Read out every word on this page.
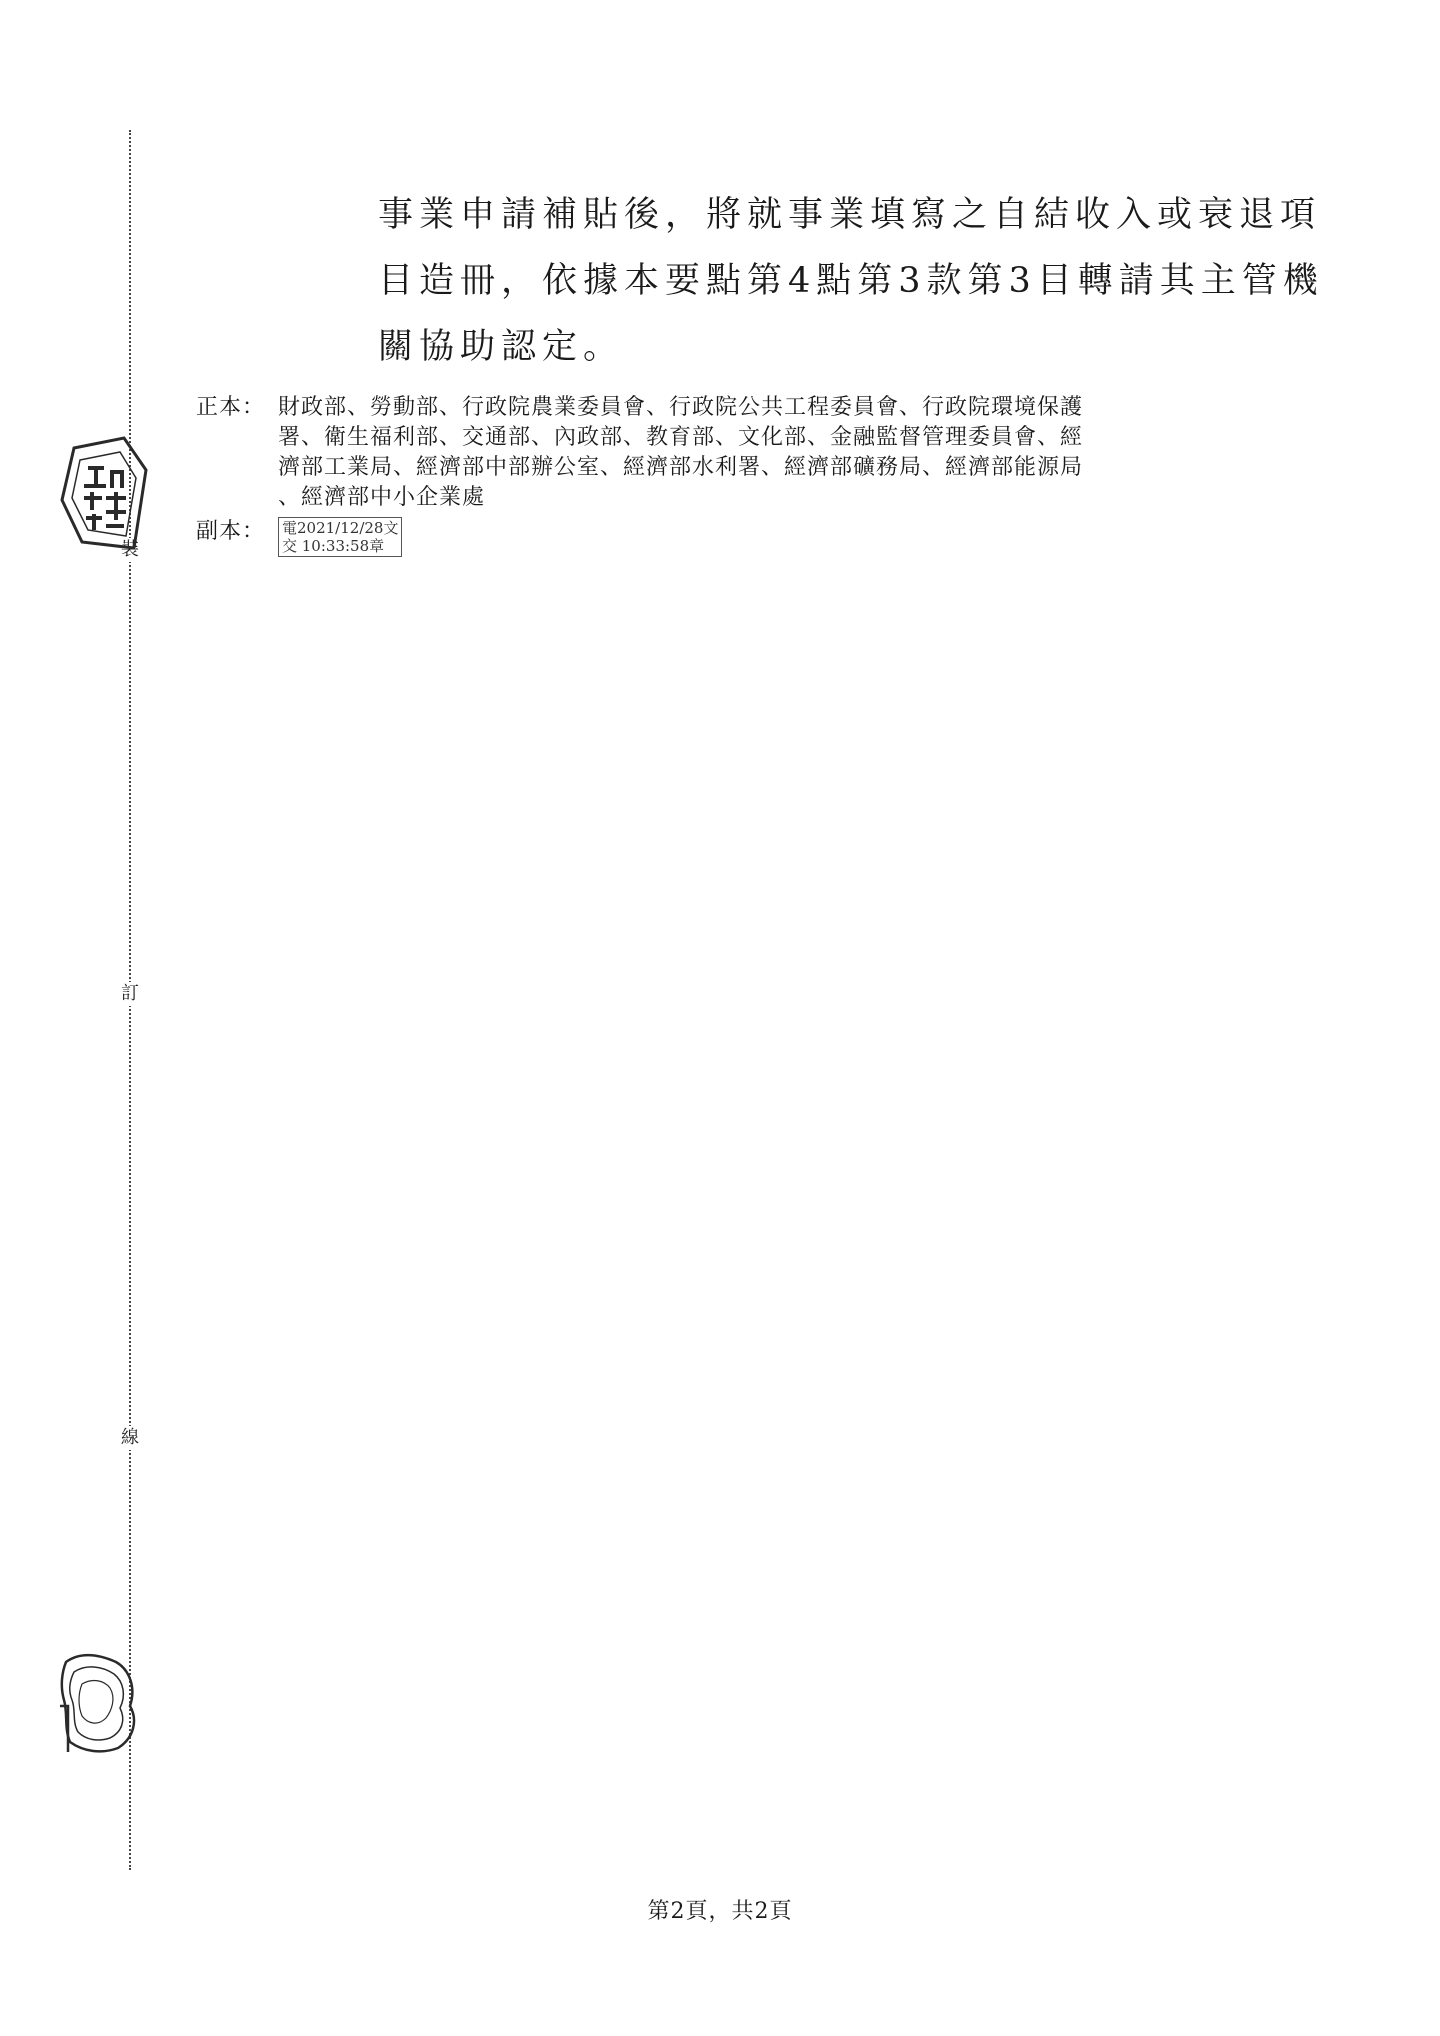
裝
訂
線
事業申請補貼後，將就事業填寫之自結收入或衰退項
目造冊，依據本要點第4點第3款第3目轉請其主管機
關協助認定。
正本： 財政部、勞動部、行政院農業委員會、行政院公共工程委員會、行政院環境保護
署、衛生福利部、交通部、內政部、教育部、文化部、金融監督管理委員會、經
濟部工業局、經濟部中部辦公室、經濟部水利署、經濟部礦務局、經濟部能源局
、經濟部中小企業處
副本：	電2021/12/28文
交 10:33:58章
第2頁，共2頁
